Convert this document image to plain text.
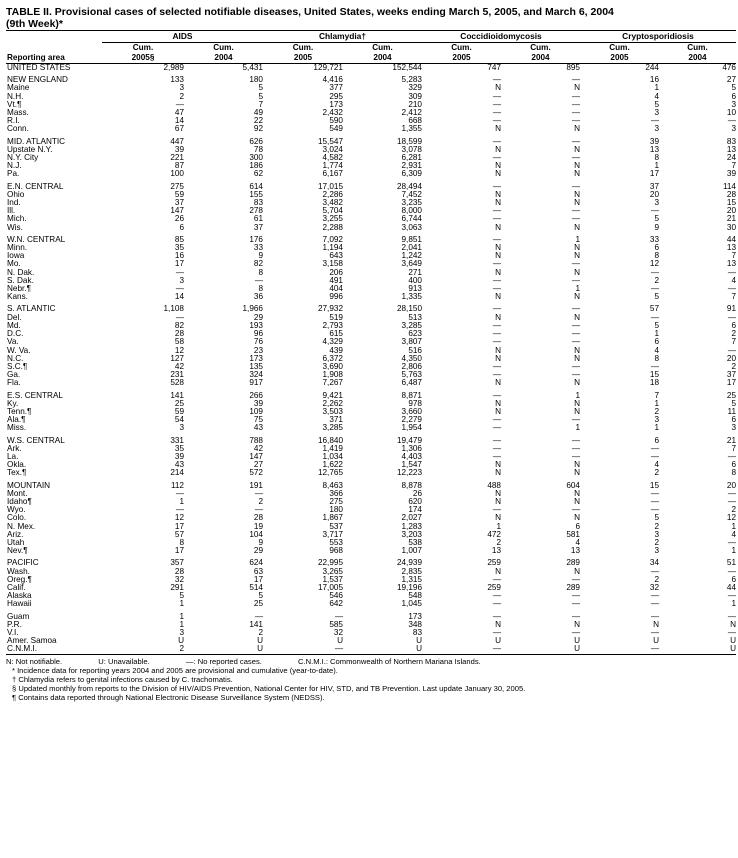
TABLE II. Provisional cases of selected notifiable diseases, United States, weeks ending March 5, 2005, and March 6, 2004
(9th Week)*

	AIDS		Chlamydia†		Coccidioidomycosis		Cryptosporidiosis	
	Cum.	Cum.	Cum.	Cum.	Cum.	Cum.	Cum.	Cum.
Reporting area	2005§	2004	2005	2004	2005	2004	2005	2004
UNITED STATES	2,989	5,431	129,721	152,544	747	895	244	476

NEW ENGLAND	133	180	4,416	5,283	—	—	16	27
Maine	3	5	377	329	N	N	1	5
N.H.	2	5	295	309	—	—	4	6
Vt.¶	—	7	173	210	—	—	5	3
Mass.	47	49	2,432	2,412	—	—	3	10
R.I.	14	22	590	668	—	—	—	—
Conn.	67	92	549	1,355	N	N	3	3

MID. ATLANTIC	447	626	15,547	18,599	—	—	39	83
Upstate N.Y.	39	78	3,024	3,078	N	N	13	13
N.Y. City	221	300	4,582	6,281	—	—	8	24
N.J.	87	186	1,774	2,931	N	N	1	7
Pa.	100	62	6,167	6,309	N	N	17	39

E.N. CENTRAL	275	614	17,015	28,494	—	—	37	114
Ohio	59	155	2,286	7,452	N	N	20	28
Ind.	37	83	3,482	3,235	N	N	3	15
Ill.	147	278	5,704	8,000	—	—	—	20
Mich.	26	61	3,255	6,744	—	—	5	21
Wis.	6	37	2,288	3,063	N	N	9	30

W.N. CENTRAL	85	176	7,092	9,851	—	1	33	44
Minn.	35	33	1,194	2,041	N	N	6	13
Iowa	16	9	643	1,242	N	N	8	7
Mo.	17	82	3,158	3,649	—	—	12	13
N. Dak.	—	8	206	271	N	N	—	—
S. Dak.	3	—	491	400	—	—	2	4
Nebr.¶	—	8	404	913	—	1	—	—
Kans.	14	36	996	1,335	N	N	5	7

S. ATLANTIC	1,108	1,966	27,932	28,150	—	—	57	91
Del.	—	29	519	513	N	N	—	—
Md.	82	193	2,793	3,285	—	—	5	6
D.C.	28	96	615	623	—	—	1	2
Va.	58	76	4,329	3,807	—	—	6	7
W. Va.	12	23	439	516	N	N	4	—
N.C.	127	173	6,372	4,350	N	N	8	20
S.C.¶	42	135	3,690	2,806	—	—	—	2
Ga.	231	324	1,908	5,763	—	—	15	37
Fla.	528	917	7,267	6,487	N	N	18	17

E.S. CENTRAL	141	266	9,421	8,871	—	1	7	25
Ky.	25	39	2,262	978	N	N	1	5
Tenn.¶	59	109	3,503	3,660	N	N	2	11
Ala.¶	54	75	371	2,279	—	—	3	6
Miss.	3	43	3,285	1,954	—	1	1	3

W.S. CENTRAL	331	788	16,840	19,479	—	—	6	21
Ark.	35	42	1,419	1,306	—	—	—	7
La.	39	147	1,034	4,403	—	—	—	—
Okla.	43	27	1,622	1,547	N	N	4	6
Tex.¶	214	572	12,765	12,223	N	N	2	8

MOUNTAIN	112	191	8,463	8,878	488	604	15	20
Mont.	—	—	366	26	N	N	—	—
Idaho¶	1	2	275	620	N	N	—	—
Wyo.	—	—	180	174	—	—	—	2
Colo.	12	28	1,867	2,027	N	N	5	12
N. Mex.	17	19	537	1,283	1	6	2	1
Ariz.	57	104	3,717	3,203	472	581	3	4
Utah	8	9	553	538	2	4	2	—
Nev.¶	17	29	968	1,007	13	13	3	1

PACIFIC	357	624	22,995	24,939	259	289	34	51
Wash.	28	63	3,265	2,835	N	N	—	—
Oreg.¶	32	17	1,537	1,315	—	—	2	6
Calif.	291	514	17,005	19,196	259	289	32	44
Alaska	5	5	546	548	—	—	—	—
Hawaii	1	25	642	1,045	—	—	—	1

Guam	1	—	—	173	—	—	—	—
P.R.	1	141	585	348	N	N	N	N
V.I.	3	2	32	83	—	—	—	—
Amer. Samoa	U	U	U	U	U	U	U	U
C.N.M.I.	2	U	—	U	—	U	—	U
N: Not notifiable.	U: Unavailable.	—: No reported cases.	C.N.M.I.: Commonwealth of Northern Mariana Islands.
* Incidence data for reporting years 2004 and 2005 are provisional and cumulative (year-to-date).
† Chlamydia refers to genital infections caused by C. trachomatis.
§ Updated monthly from reports to the Division of HIV/AIDS Prevention, National Center for HIV, STD, and TB Prevention. Last update January 30, 2005.
¶ Contains data reported through National Electronic Disease Surveillance System (NEDSS).
